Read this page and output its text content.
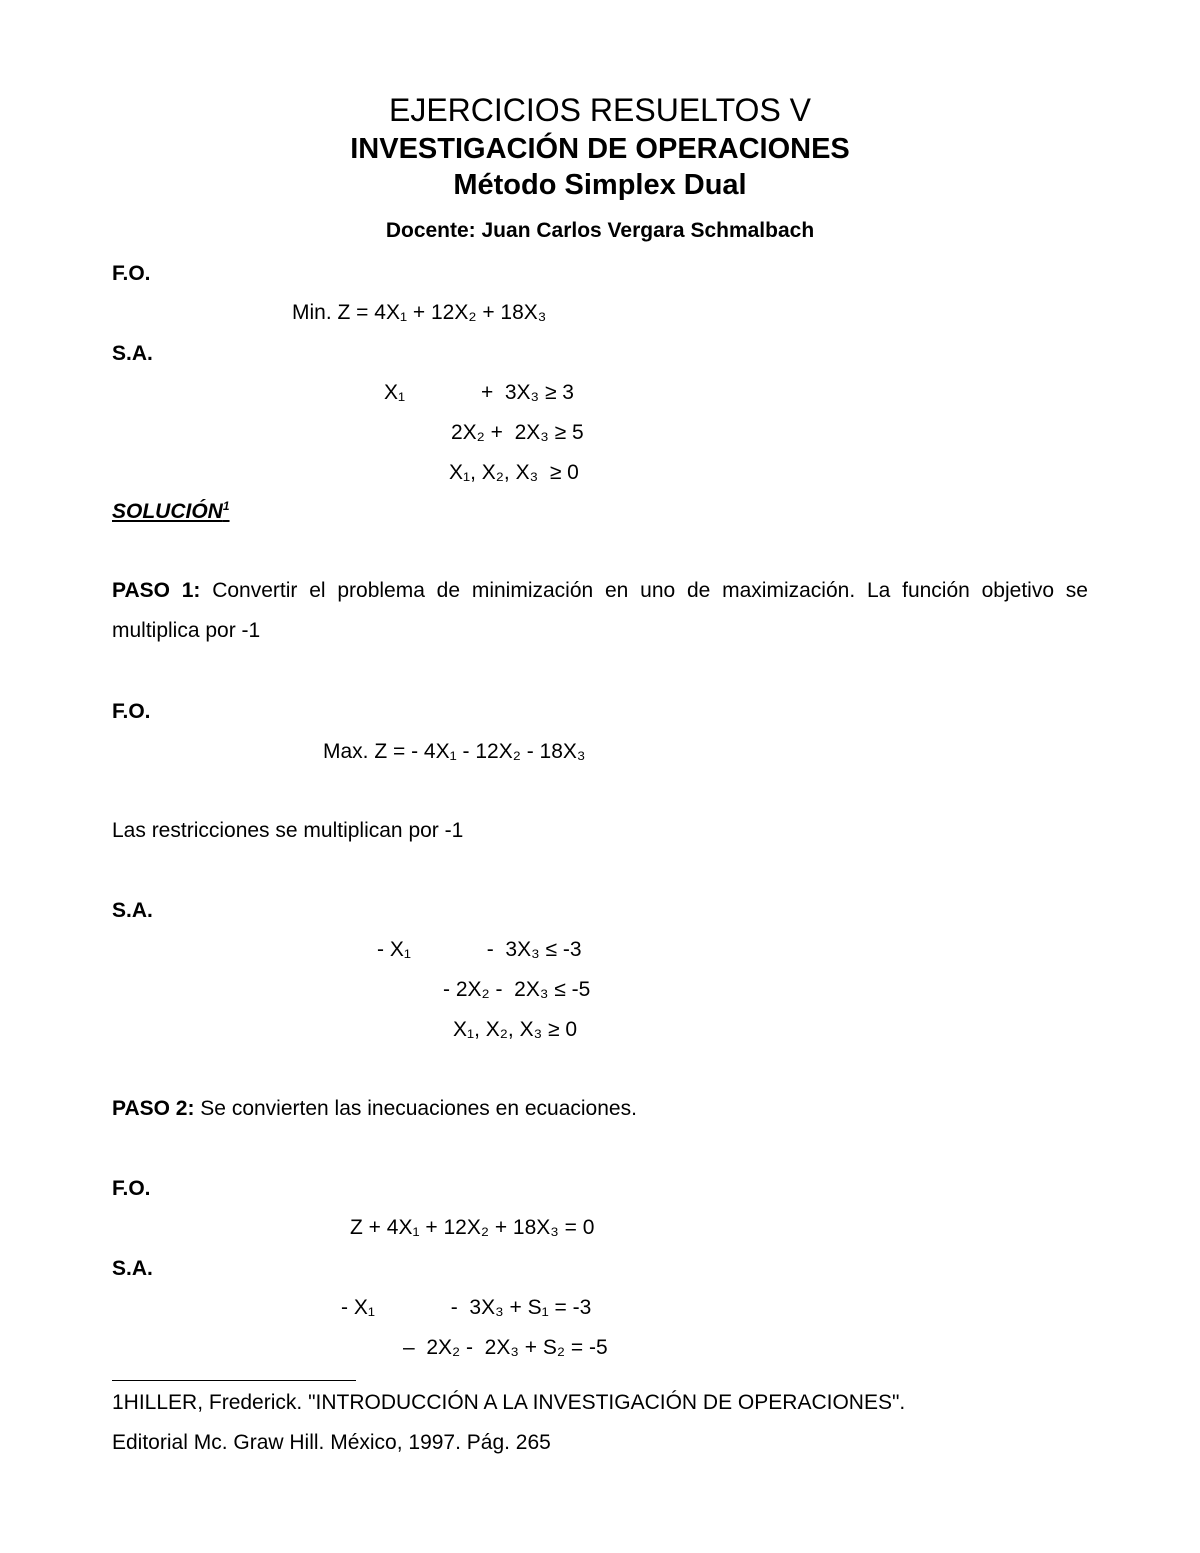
EJERCICIOS RESUELTOS V
INVESTIGACIÓN DE OPERACIONES
Método Simplex Dual
Docente: Juan Carlos Vergara Schmalbach
F.O.
Min. Z = 4X₁ + 12X₂ + 18X₃
S.A.
X₁             +  3X₃ ≥ 3
2X₂ +  2X₃ ≥ 5
X₁, X₂, X₃  ≥ 0
SOLUCIÓN$^1$
PASO 1: Convertir el problema de minimización en uno de maximización. La función objetivo se multiplica por -1
F.O.
Max. Z = - 4X₁ - 12X₂ - 18X₃
Las restricciones se multiplican por -1
S.A.
- X₁             -  3X₃ ≤ -3
- 2X₂ -  2X₃ ≤ -5
X₁, X₂, X₃ ≥ 0
PASO 2: Se convierten las inecuaciones en ecuaciones.
F.O.
Z + 4X₁ + 12X₂ + 18X₃ = 0
S.A.
- X₁             -  3X₃ + S₁ = -3
–  2X₂ -  2X₃ + S₂ = -5
1HILLER, Frederick. "INTRODUCCIÓN A LA INVESTIGACIÓN DE OPERACIONES".
Editorial Mc. Graw Hill. México, 1997. Pág. 265
